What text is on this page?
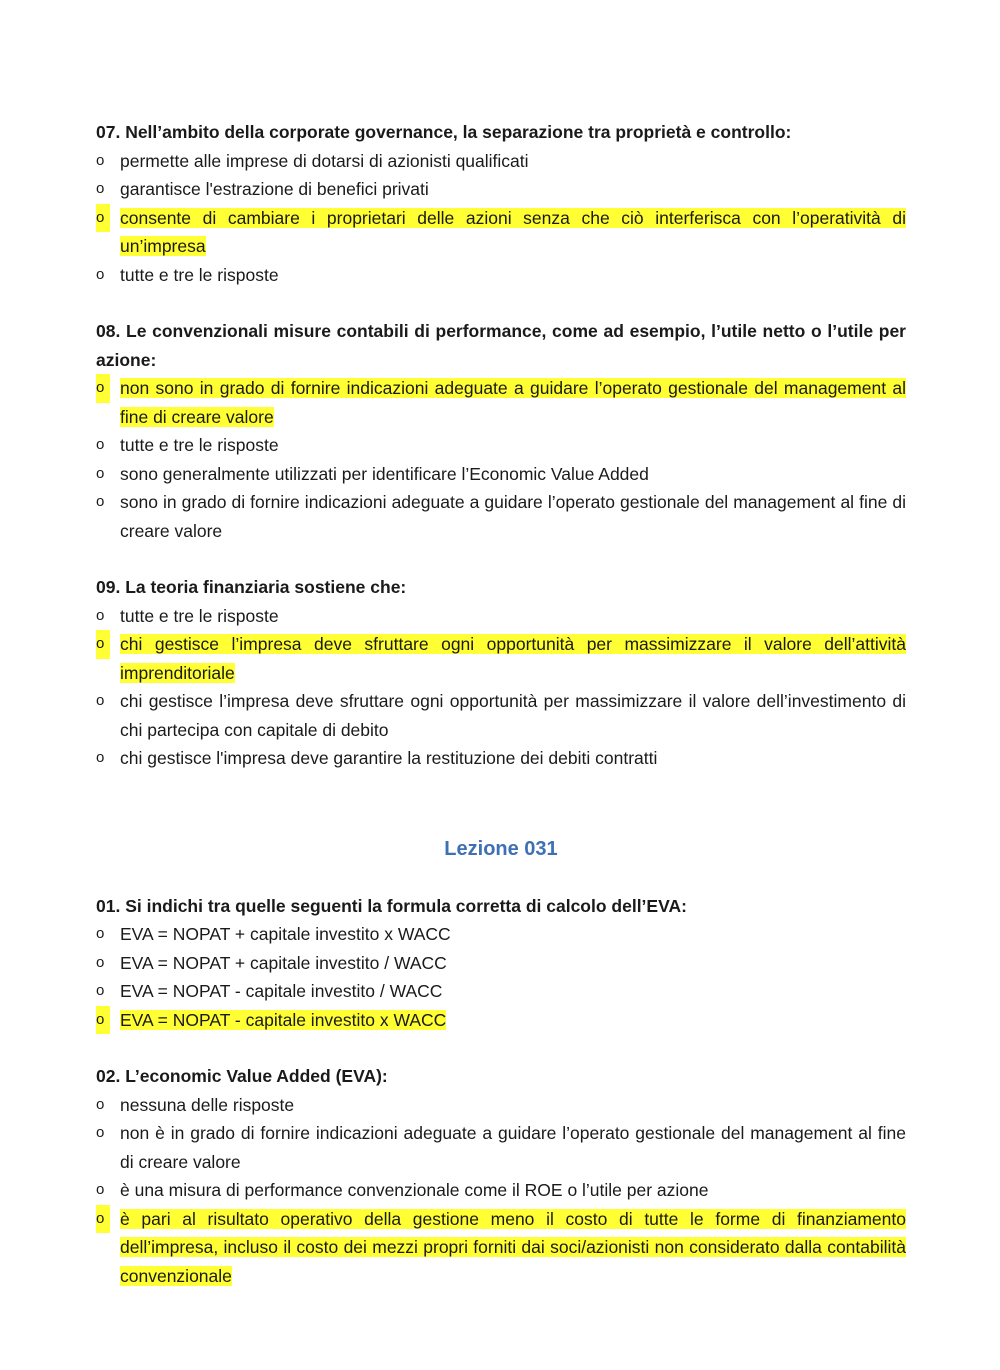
07. Nell’ambito della corporate governance, la separazione tra proprietà e controllo:

o permette alle imprese di dotarsi di azionisti qualificati
o garantisce l'estrazione di benefici privati
o consente di cambiare i proprietari delle azioni senza che ciò interferisca con l’operatività di un’impresa
o tutte e tre le risposte

08. Le convenzionali misure contabili di performance, come ad esempio, l’utile netto o l’utile per azione:

o non sono in grado di fornire indicazioni adeguate a guidare l’operato gestionale del management al fine di creare valore
o tutte e tre le risposte
o sono generalmente utilizzati per identificare l’Economic Value Added
o sono in grado di fornire indicazioni adeguate a guidare l’operato gestionale del management al fine di creare valore

09. La teoria finanziaria sostiene che:

o tutte e tre le risposte
o chi gestisce l’impresa deve sfruttare ogni opportunità per massimizzare il valore dell’attività imprenditoriale
o chi gestisce l’impresa deve sfruttare ogni opportunità per massimizzare il valore dell’investimento di chi partecipa con capitale di debito
o chi gestisce l'impresa deve garantire la restituzione dei debiti contratti
Lezione 031

01. Si indichi tra quelle seguenti la formula corretta di calcolo dell’EVA:

o EVA = NOPAT + capitale investito x WACC
o EVA = NOPAT + capitale investito / WACC
o EVA = NOPAT - capitale investito / WACC
o EVA = NOPAT - capitale investito x WACC

02. L’economic Value Added (EVA):

o nessuna delle risposte
o non è in grado di fornire indicazioni adeguate a guidare l’operato gestionale del management al fine di creare valore
o è una misura di performance convenzionale come il ROE o l’utile per azione
o è pari al risultato operativo della gestione meno il costo di tutte le forme di finanziamento dell’impresa, incluso il costo dei mezzi propri forniti dai soci/azionisti non considerato dalla contabilità convenzionale
